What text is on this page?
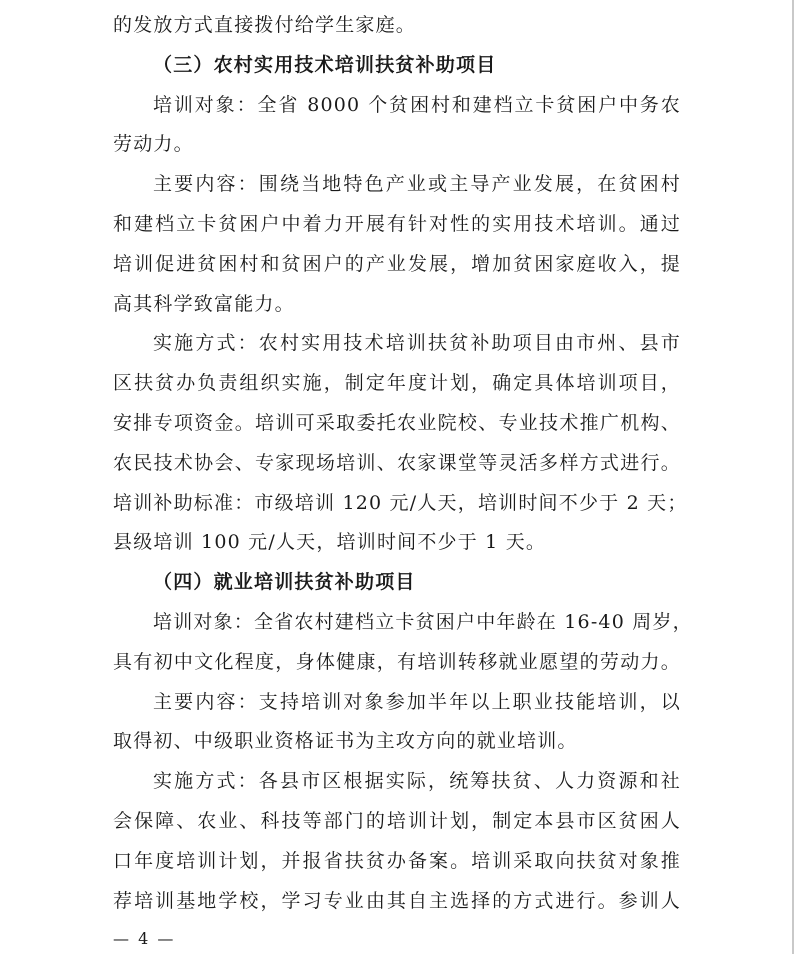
的发放方式直接拨付给学生家庭。
（三）农村实用技术培训扶贫补助项目
培训对象：全省 8000 个贫困村和建档立卡贫困户中务农
劳动力。
主要内容：围绕当地特色产业或主导产业发展，在贫困村
和建档立卡贫困户中着力开展有针对性的实用技术培训。通过
培训促进贫困村和贫困户的产业发展，增加贫困家庭收入，提
高其科学致富能力。
实施方式：农村实用技术培训扶贫补助项目由市州、县市
区扶贫办负责组织实施，制定年度计划，确定具体培训项目，
安排专项资金。培训可采取委托农业院校、专业技术推广机构、
农民技术协会、专家现场培训、农家课堂等灵活多样方式进行。
培训补助标准：市级培训 120 元/人天，培训时间不少于 2 天；
县级培训 100 元/人天，培训时间不少于 1 天。
（四）就业培训扶贫补助项目
培训对象：全省农村建档立卡贫困户中年龄在 16-40 周岁，
具有初中文化程度，身体健康，有培训转移就业愿望的劳动力。
主要内容：支持培训对象参加半年以上职业技能培训，以
取得初、中级职业资格证书为主攻方向的就业培训。
实施方式：各县市区根据实际，统筹扶贫、人力资源和社
会保障、农业、科技等部门的培训计划，制定本县市区贫困人
口年度培训计划，并报省扶贫办备案。培训采取向扶贫对象推
荐培训基地学校，学习专业由其自主选择的方式进行。参训人
— 4 —
